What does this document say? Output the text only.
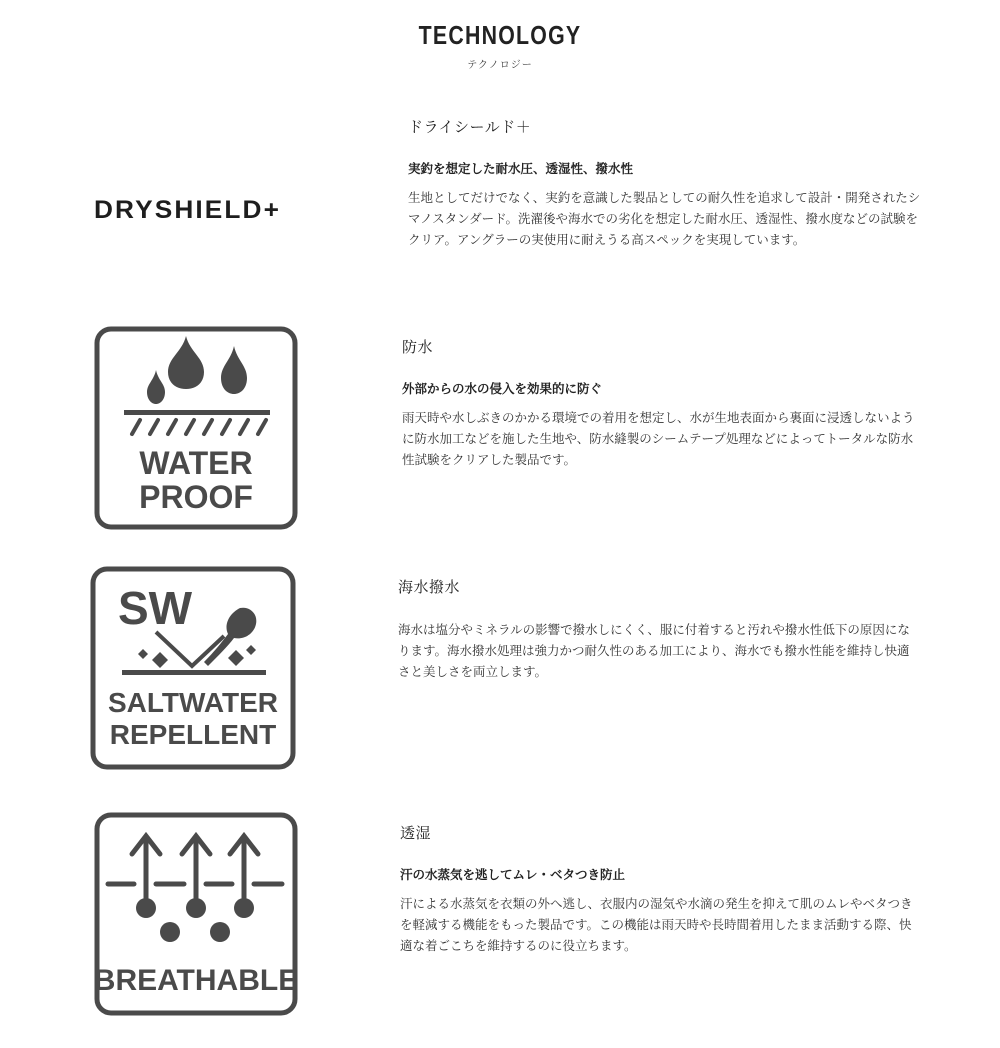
TECHNOLOGY
テクノロジー
DRYSHIELD+

ドライシールド＋

実釣を想定した耐水圧、透湿性、撥水性

生地としてだけでなく、実釣を意識した製品としての耐久性を追求して設計・開発されたシマノスタンダード。洗濯後や海水での劣化を想定した耐水圧、透湿性、撥水度などの試験をクリア。アングラーの実使用に耐えうる高スペックを実現しています。

WATER
PROOF

防水

外部からの水の侵入を効果的に防ぐ

雨天時や水しぶきのかかる環境での着用を想定し、水が生地表面から裏面に浸透しないように防水加工などを施した生地や、防水縫製のシームテープ処理などによってトータルな防水性試験をクリアした製品です。

SW
SALTWATER
REPELLENT

海水撥水

海水は塩分やミネラルの影響で撥水しにくく、服に付着すると汚れや撥水性低下の原因になります。海水撥水処理は強力かつ耐久性のある加工により、海水でも撥水性能を維持し快適さと美しさを両立します。

BREATHABLE

透湿

汗の水蒸気を逃してムレ・ベタつき防止

汗による水蒸気を衣類の外へ逃し、衣服内の湿気や水滴の発生を抑えて肌のムレやベタつきを軽減する機能をもった製品です。この機能は雨天時や長時間着用したまま活動する際、快適な着ごこちを維持するのに役立ちます。
